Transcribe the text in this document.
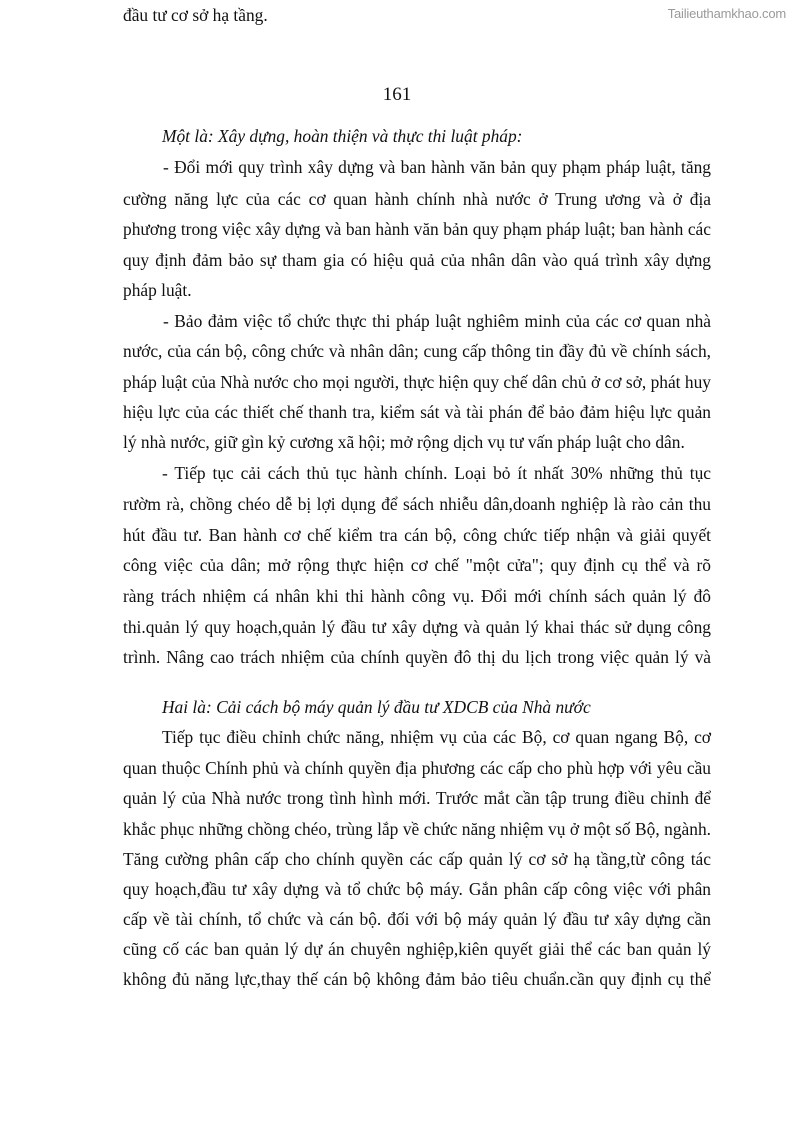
Tailieuthamkhao.com
161
Một là: Xây dựng, hoàn thiện và thực thi luật pháp:
- Đổi mới quy trình xây dựng và ban hành văn bản quy phạm pháp luật, tăng
cường năng lực của các cơ quan hành chính nhà nước ở Trung ương và ở địa
phương trong việc xây dựng và ban hành văn bản quy phạm pháp luật; ban hành các
quy định đảm bảo sự tham gia có hiệu quả của nhân dân vào quá trình xây dựng
pháp luật.
- Bảo đảm việc tổ chức thực thi pháp luật nghiêm minh của các cơ quan nhà
nước, của cán bộ, công chức và nhân dân; cung cấp thông tin đầy đủ về chính sách,
pháp luật của Nhà nước cho mọi người, thực hiện quy chế dân chủ ở cơ sở, phát huy
hiệu lực của các thiết chế thanh tra, kiểm sát và tài phán để bảo đảm hiệu lực quản
lý nhà nước, giữ gìn kỷ cương xã hội; mở rộng dịch vụ tư vấn pháp luật cho dân.
- Tiếp tục cải cách thủ tục hành chính. Loại bỏ ít nhất 30% những thủ tục
rườm rà, chồng chéo dễ bị lợi dụng để sách nhiễu dân,doanh nghiệp là rào cản thu
hút đầu tư. Ban hành cơ chế kiểm tra cán bộ, công chức tiếp nhận và giải quyết
công việc của dân; mở rộng thực hiện cơ chế "một cửa"; quy định cụ thể và rõ
ràng trách nhiệm cá nhân khi thi hành công vụ. Đổi mới chính sách quản lý đô
thi.quản lý quy hoạch,quản lý đầu tư xây dựng và quản lý khai thác sử dụng công
trình. Nâng cao trách nhiệm của chính quyền đô thị du lịch trong việc quản lý và
đầu tư cơ sở hạ tầng.
Hai là: Cải cách bộ máy quản lý đầu tư XDCB của Nhà nước
Tiếp tục điều chỉnh chức năng, nhiệm vụ của các Bộ, cơ quan ngang Bộ, cơ
quan thuộc Chính phủ và chính quyền địa phương các cấp cho phù hợp với yêu cầu
quản lý của Nhà nước trong tình hình mới. Trước mắt cần tập trung điều chỉnh để
khắc phục những chồng chéo, trùng lắp về chức năng nhiệm vụ ở một số Bộ, ngành.
Tăng cường phân cấp cho chính quyền các cấp quản lý cơ sở hạ tầng,từ công tác
quy hoạch,đầu tư xây dựng và tổ chức bộ máy. Gắn phân cấp công việc với phân
cấp về tài chính, tổ chức và cán bộ. đối với bộ máy quản lý đầu tư xây dựng cần
cũng cố các ban quản lý dự án chuyên nghiệp,kiên quyết giải thể các ban quản lý
không đủ năng lực,thay thế cán bộ không đảm bảo tiêu chuẩn.cần quy định cụ thể
